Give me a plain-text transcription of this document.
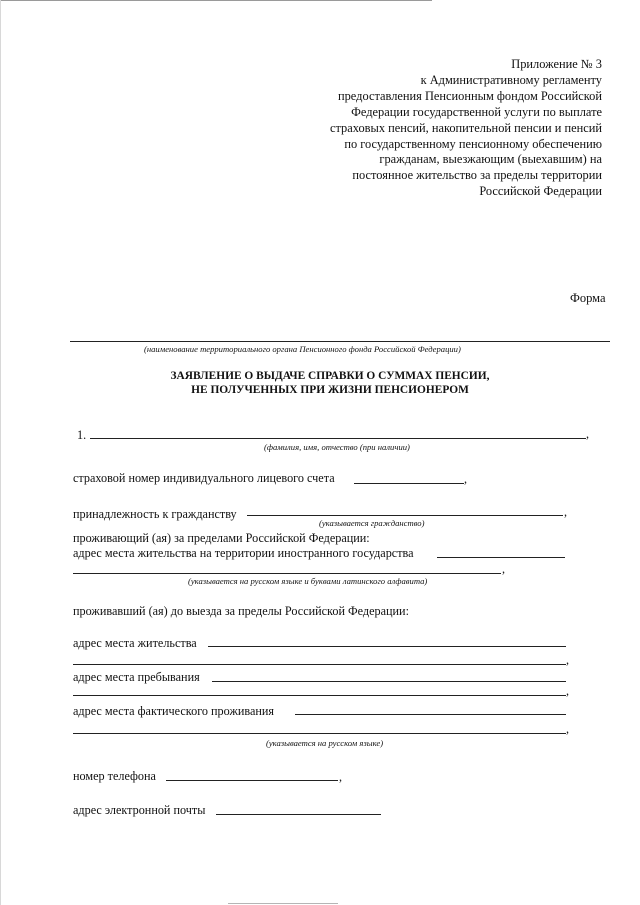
Приложение № 3
к Административному регламенту
предоставления Пенсионным фондом Российской
Федерации государственной услуги по выплате
страховых пенсий, накопительной пенсии и пенсий
по государственному пенсионному обеспечению
гражданам, выезжающим (выехавшим) на
постоянное жительство за пределы территории
Российской Федерации
Форма
(наименование территориального органа Пенсионного фонда Российской Федерации)
ЗАЯВЛЕНИЕ О ВЫДАЧЕ СПРАВКИ О СУММАХ ПЕНСИИ,
НЕ ПОЛУЧЕННЫХ ПРИ ЖИЗНИ ПЕНСИОНЕРОМ
1.	,
(фамилия, имя, отчество (при наличии)
страховой номер индивидуального лицевого счета	,
принадлежность к гражданству	,
(указывается гражданство)
проживающий (ая) за пределами Российской Федерации:
адрес места жительства на территории иностранного государства
,
(указывается на русском языке и буквами латинского алфавита)
проживавший (ая) до выезда за пределы Российской Федерации:
адрес места жительства
,
адрес места пребывания
,
адрес места фактического проживания
,
(указывается на русском языке)
номер телефона	,
адрес электронной почты
